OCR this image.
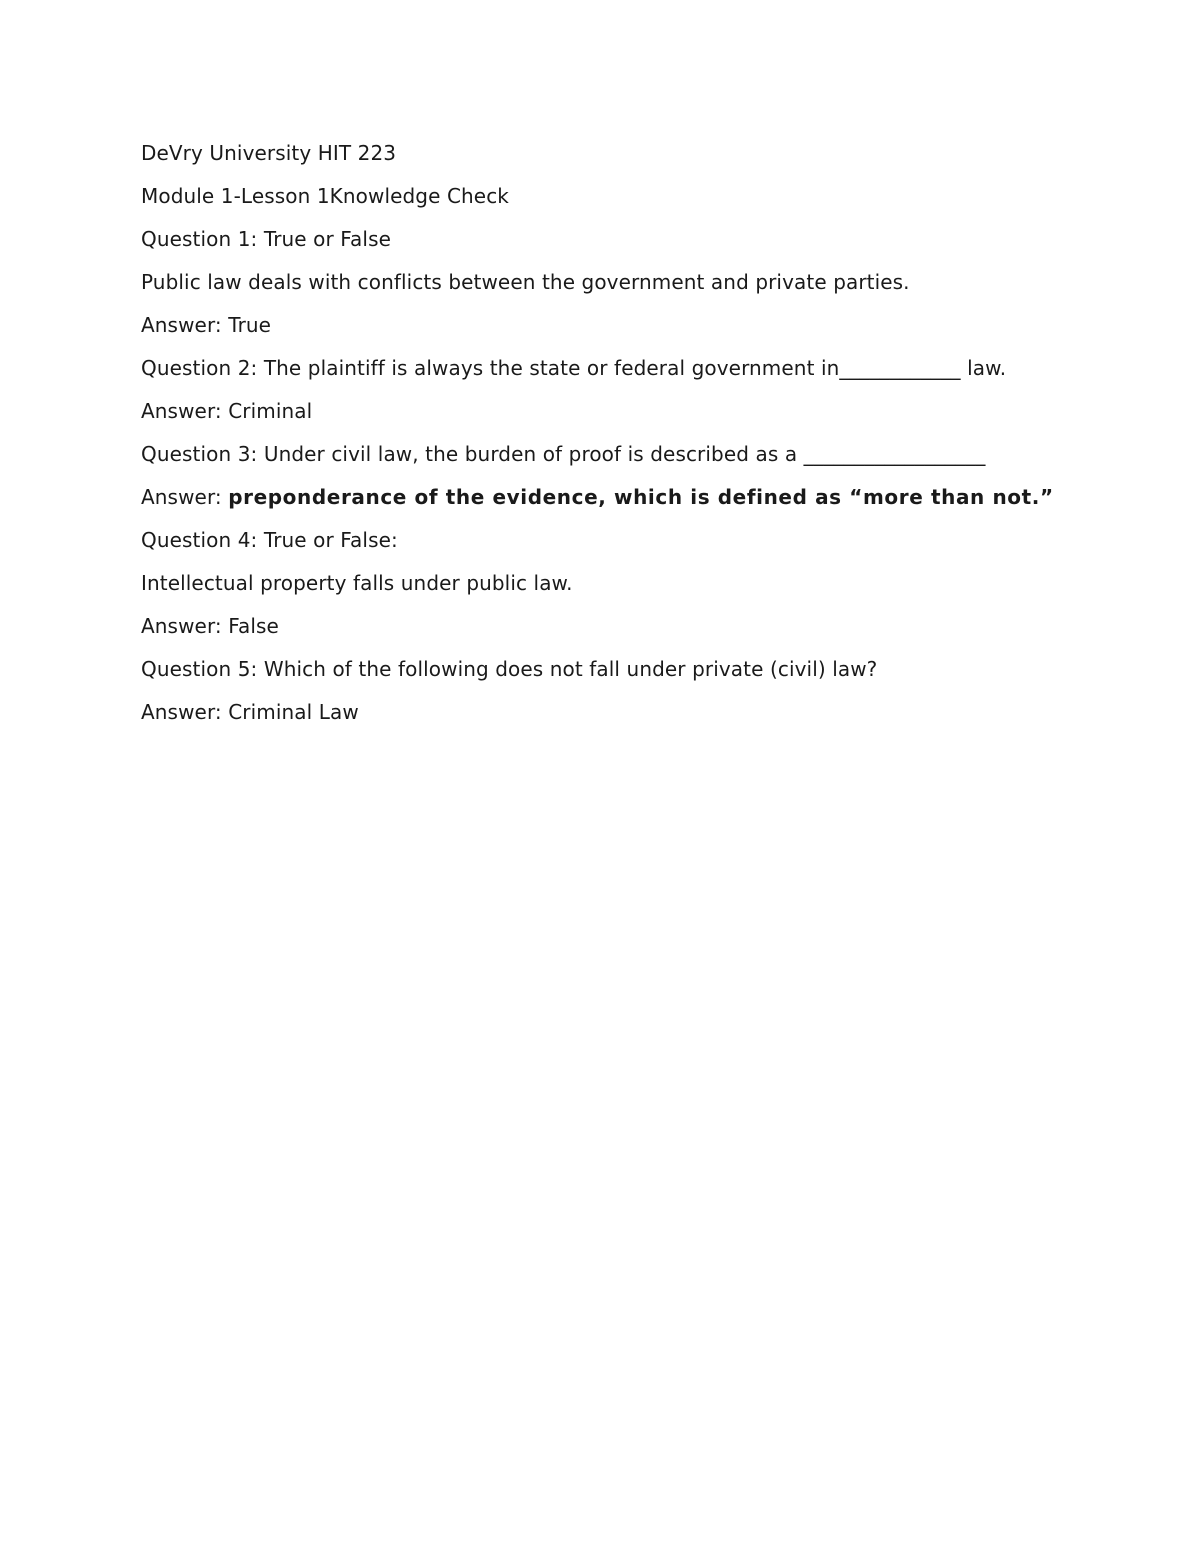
DeVry University HIT 223

Module 1-Lesson 1Knowledge Check

Question 1: True or False

Public law deals with conflicts between the government and private parties.

Answer: True

Question 2: The plaintiff is always the state or federal government in____________ law.

Answer: Criminal

Question 3: Under civil law, the burden of proof is described as a __________________

Answer: preponderance of the evidence, which is defined as “more than not.”

Question 4: True or False:

Intellectual property falls under public law.

Answer: False

Question 5: Which of the following does not fall under private (civil) law?

Answer: Criminal Law
